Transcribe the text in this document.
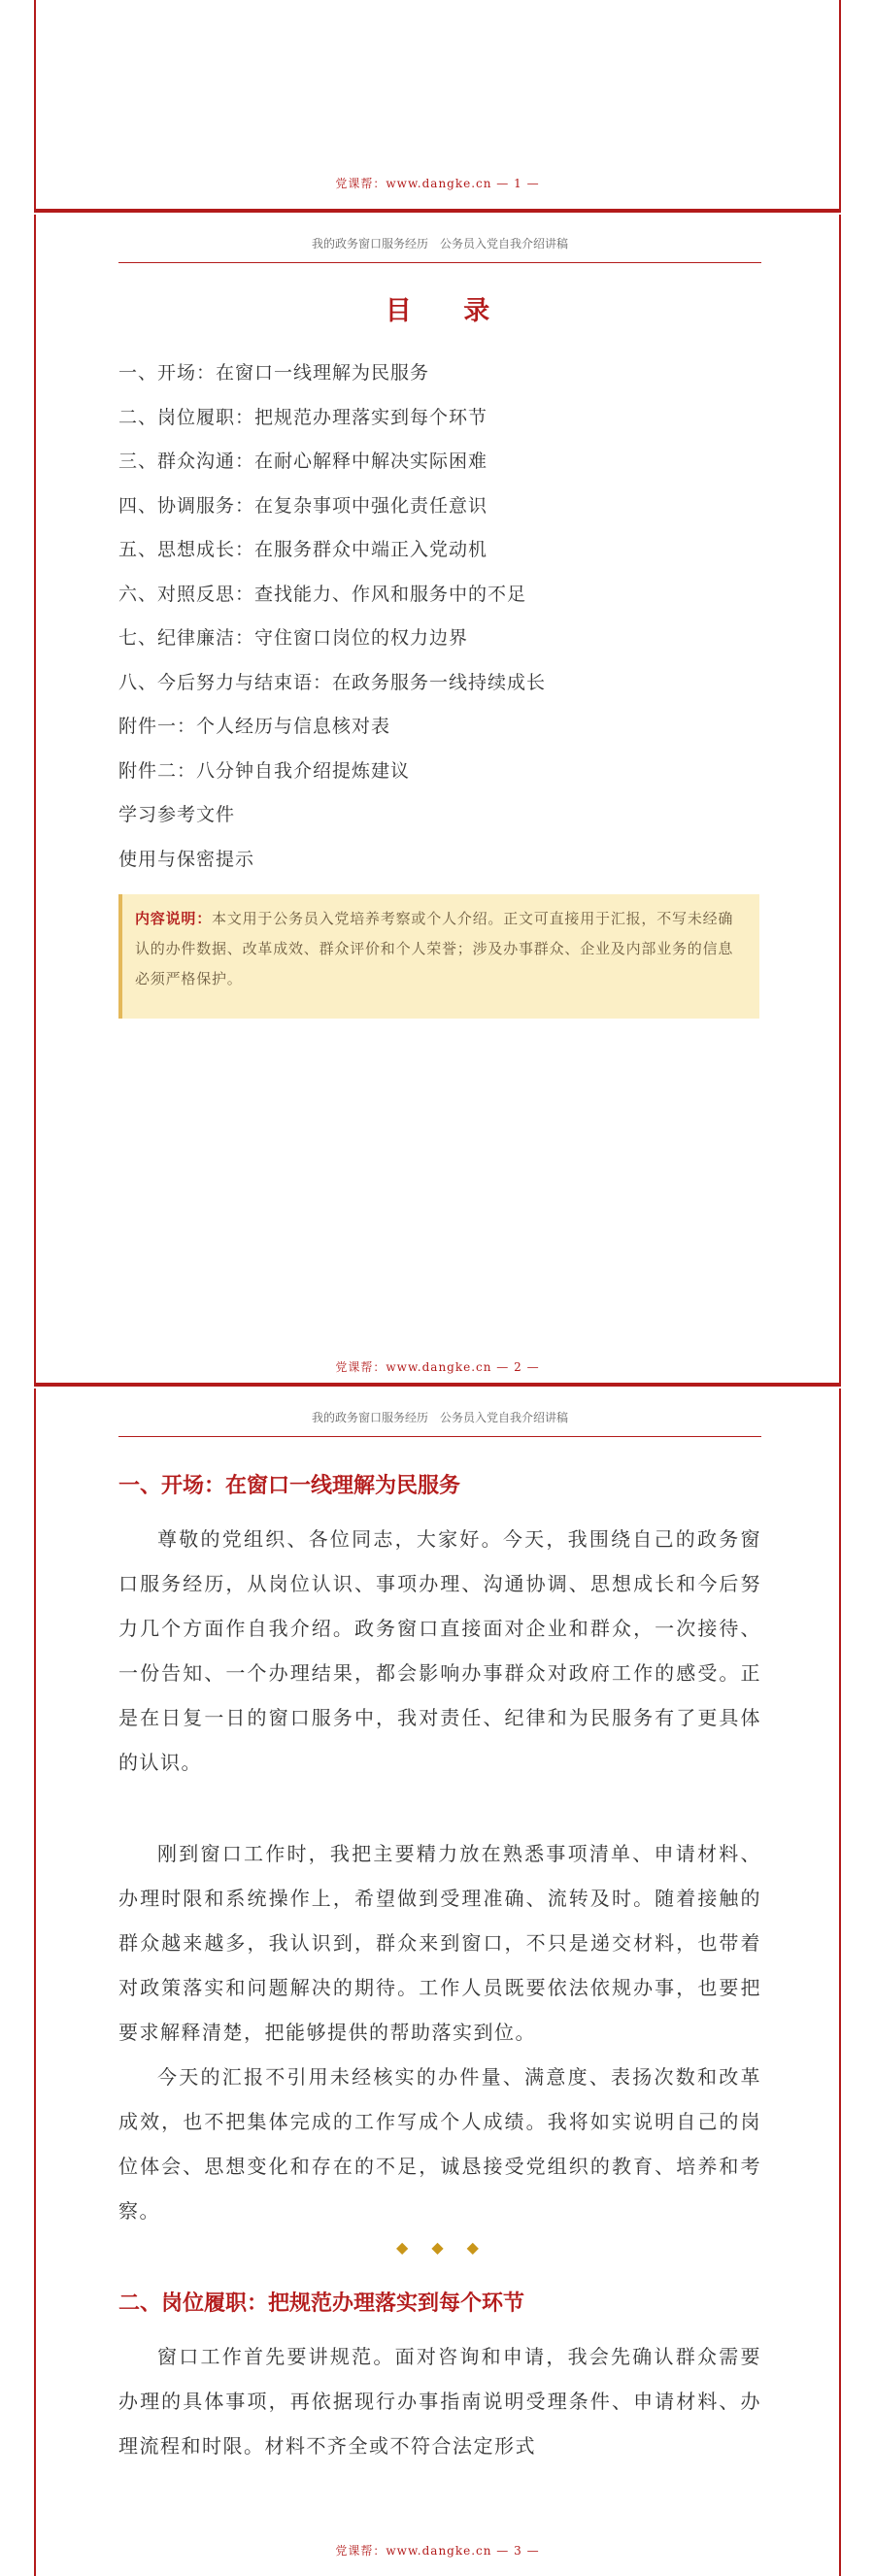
党课帮：www.dangke.cn — 1 —
我的政务窗口服务经历　公务员入党自我介绍讲稿
目 录
一、开场：在窗口一线理解为民服务
二、岗位履职：把规范办理落实到每个环节
三、群众沟通：在耐心解释中解决实际困难
四、协调服务：在复杂事项中强化责任意识
五、思想成长：在服务群众中端正入党动机
六、对照反思：查找能力、作风和服务中的不足
七、纪律廉洁：守住窗口岗位的权力边界
八、今后努力与结束语：在政务服务一线持续成长
附件一：个人经历与信息核对表
附件二：八分钟自我介绍提炼建议
学习参考文件
使用与保密提示
内容说明：本文用于公务员入党培养考察或个人介绍。正文可直接用于汇报，不写未经确认的办件数据、改革成效、群众评价和个人荣誉；涉及办事群众、企业及内部业务的信息必须严格保护。
党课帮：www.dangke.cn — 2 —
我的政务窗口服务经历　公务员入党自我介绍讲稿
一、开场：在窗口一线理解为民服务
尊敬的党组织、各位同志，大家好。今天，我围绕自己的政务窗口服务经历，从岗位认识、事项办理、沟通协调、思想成长和今后努力几个方面作自我介绍。政务窗口直接面对企业和群众，一次接待、一份告知、一个办理结果，都会影响办事群众对政府工作的感受。正是在日复一日的窗口服务中，我对责任、纪律和为民服务有了更具体的认识。
刚到窗口工作时，我把主要精力放在熟悉事项清单、申请材料、办理时限和系统操作上，希望做到受理准确、流转及时。随着接触的群众越来越多，我认识到，群众来到窗口，不只是递交材料，也带着对政策落实和问题解决的期待。工作人员既要依法依规办事，也要把要求解释清楚，把能够提供的帮助落实到位。
今天的汇报不引用未经核实的办件量、满意度、表扬次数和改革成效，也不把集体完成的工作写成个人成绩。我将如实说明自己的岗位体会、思想变化和存在的不足，诚恳接受党组织的教育、培养和考察。
◆◆◆
二、岗位履职：把规范办理落实到每个环节
窗口工作首先要讲规范。面对咨询和申请，我会先确认群众需要办理的具体事项，再依据现行办事指南说明受理条件、申请材料、办理流程和时限。材料不齐全或不符合法定形式
党课帮：www.dangke.cn — 3 —
